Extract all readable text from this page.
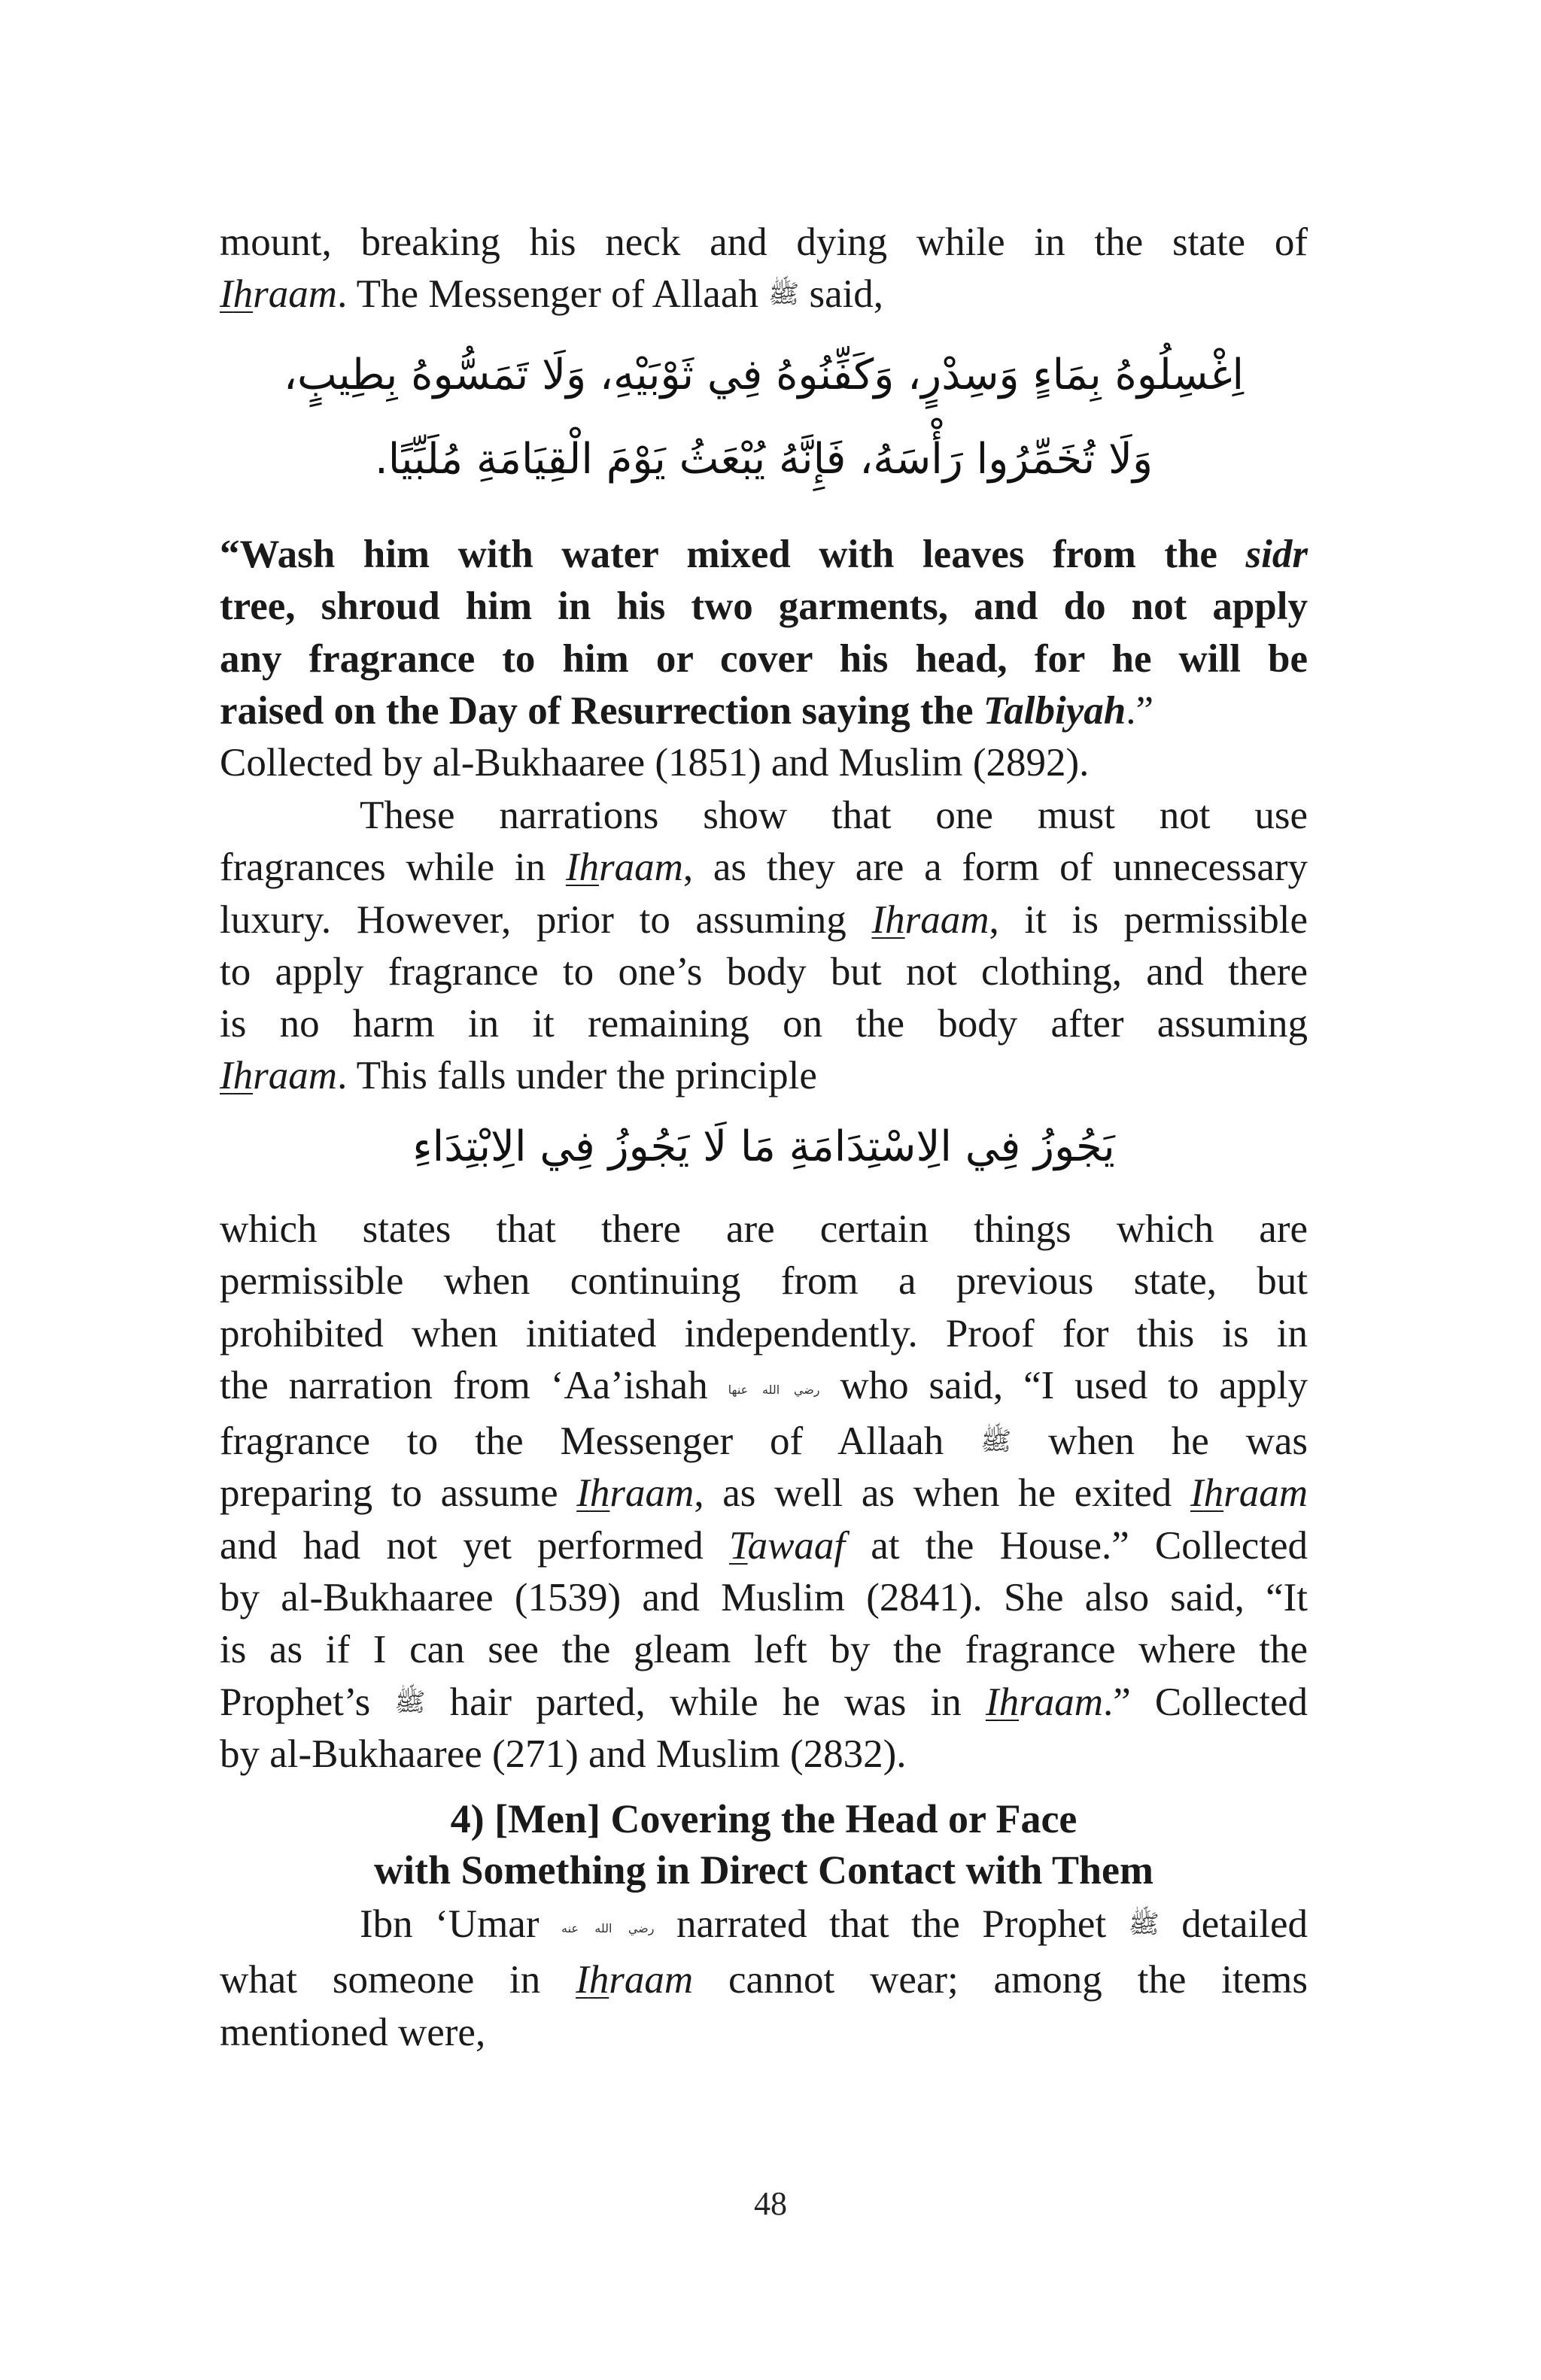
mount, breaking his neck and dying while in the state of

Ihraam. The Messenger of Allaah ﷺ said,

اِغْسِلُوهُ بِمَاءٍ وَسِدْرٍ، وَكَفِّنُوهُ فِي ثَوْبَيْهِ، وَلَا تَمَسُّوهُ بِطِيبٍ،

وَلَا تُخَمِّرُوا رَأْسَهُ، فَإِنَّهُ يُبْعَثُ يَوْمَ الْقِيَامَةِ مُلَبِّيًا.

“Wash him with water mixed with leaves from the sidr

tree, shroud him in his two garments, and do not apply

any fragrance to him or cover his head, for he will be

raised on the Day of Resurrection saying the Talbiyah.”

Collected by al-Bukhaaree (1851) and Muslim (2892).

These narrations show that one must not use

fragrances while in Ihraam, as they are a form of unnecessary

luxury. However, prior to assuming Ihraam, it is permissible

to apply fragrance to one’s body but not clothing, and there

is no harm in it remaining on the body after assuming

Ihraam. This falls under the principle

يَجُوزُ فِي الِاسْتِدَامَةِ مَا لَا يَجُوزُ فِي الِابْتِدَاءِ

which states that there are certain things which are

permissible when continuing from a previous state, but

prohibited when initiated independently. Proof for this is in

the narration from ‘Aa’ishah رضي الله عنها who said, “I used to apply

fragrance to the Messenger of Allaah ﷺ when he was

preparing to assume Ihraam, as well as when he exited Ihraam

and had not yet performed Tawaaf at the House.” Collected

by al-Bukhaaree (1539) and Muslim (2841). She also said, “It

is as if I can see the gleam left by the fragrance where the

Prophet’s ﷺ hair parted, while he was in Ihraam.” Collected

by al-Bukhaaree (271) and Muslim (2832).

4) [Men] Covering the Head or Face

with Something in Direct Contact with Them

Ibn ‘Umar رضي الله عنه narrated that the Prophet ﷺ detailed

what someone in Ihraam cannot wear; among the items

mentioned were,

48
